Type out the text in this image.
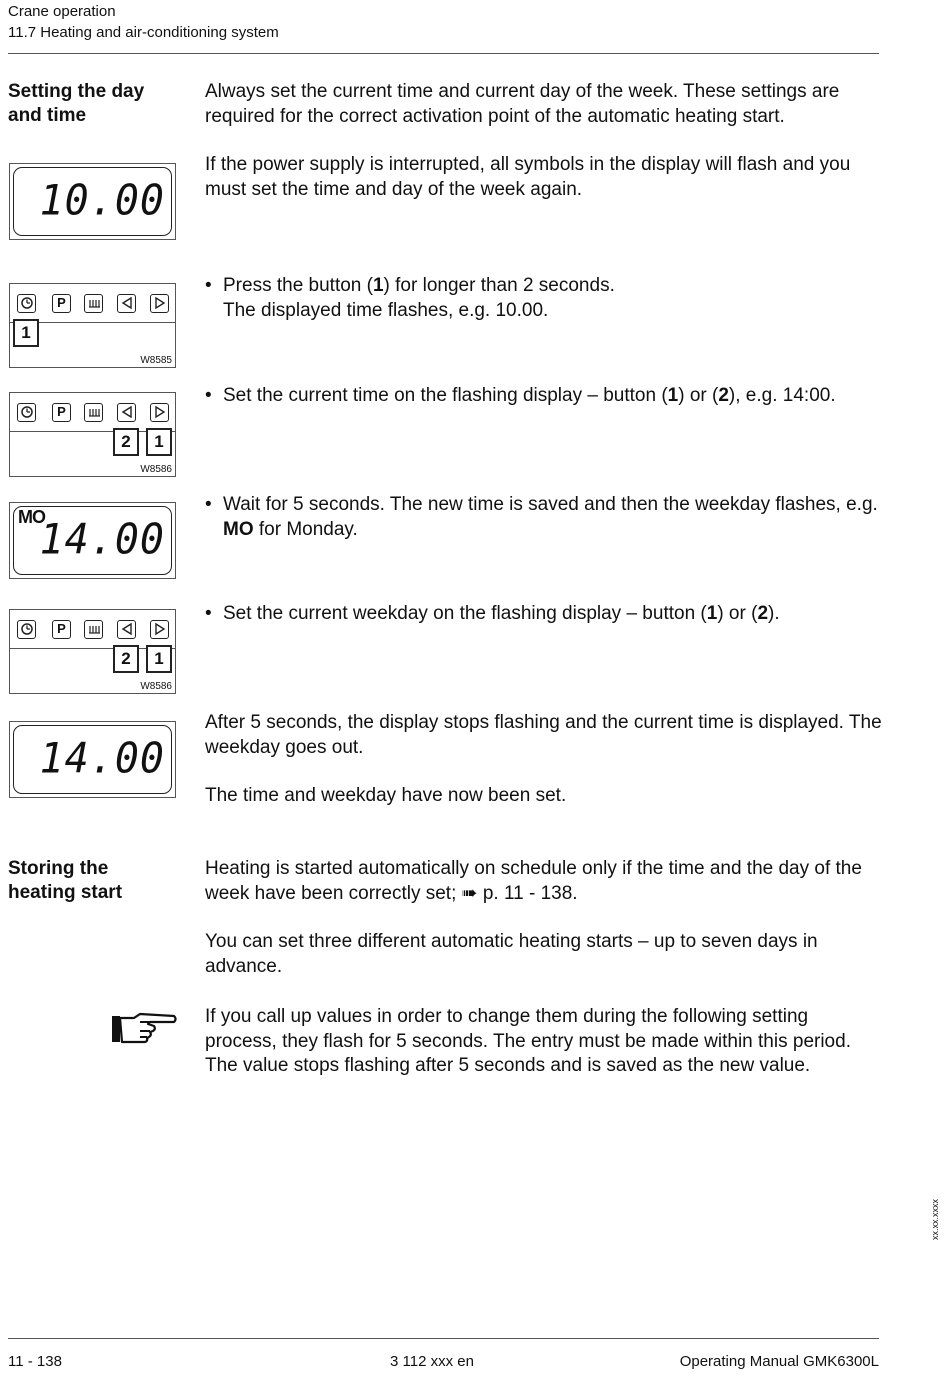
Crane operation
11.7 Heating and air-conditioning system
Setting the day
and time
Always set the current time and current day of the week. These settings are required for the correct activation point of the automatic heating start.
If the power supply is interrupted, all symbols in the display will flash and you must set the time and day of the week again.
10.00
P
1
W8585
• Press the button (1) for longer than 2 seconds.
The displayed time flashes, e.g. 10.00.
P
2	1
W8586
• Set the current time on the flashing display – button (1) or (2), e.g. 14:00.
MO
14.00
• Wait for 5 seconds. The new time is saved and then the weekday flashes, e.g. MO for Monday.
P
2	1
W8586
• Set the current weekday on the flashing display – button (1) or (2).
14.00
After 5 seconds, the display stops flashing and the current time is displayed. The weekday goes out.
The time and weekday have now been set.
Storing the
heating start
Heating is started automatically on schedule only if the time and the day of the week have been correctly set; ➠ p. 11 - 138.
You can set three different automatic heating starts – up to seven days in advance.
If you call up values in order to change them during the following setting process, they flash for 5 seconds. The entry must be made within this period. The value stops flashing after 5 seconds and is saved as the new value.
xx.xx.xxxx
11 - 138	3 112 xxx en	Operating Manual GMK6300L
